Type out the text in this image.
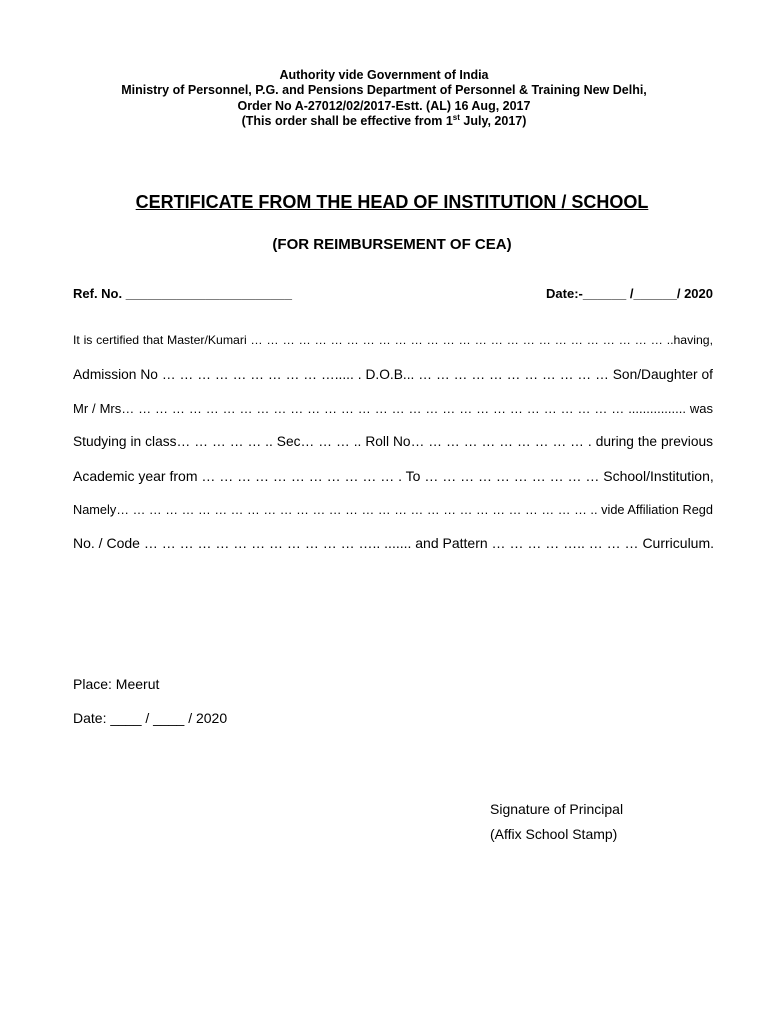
Authority vide Government of India
Ministry of Personnel, P.G. and Pensions Department of Personnel & Training New Delhi,
Order No A-27012/02/2017-Estt. (AL) 16 Aug, 2017
(This order shall be effective from 1st July, 2017)
CERTIFICATE FROM THE HEAD OF INSTITUTION / SCHOOL
(FOR REIMBURSEMENT OF CEA)
Ref. No. _______________________	Date:-______ /______/ 2020
It is certified that Master/Kumari … … … … … … … … … … … … … … … … … … … … … … … … … … ..having,
Admission No … … … … … … … … … …..... . D.O.B... … … … … … … … … … … … Son/Daughter of
Mr / Mrs… … … … … … … … … … … … … … … … … … … … … … … … … … … … … … ................ was
Studying in class… … … … … .. Sec… … … .. Roll No… … … … … … … … … … . during the previous
Academic year from … … … … … … … … … … … . To … … … … … … … … … … School/Institution,
Namely… … … … … … … … … … … … … … … … … … … … … … … … … … … … … .. vide Affiliation Regd
No. / Code … … … … … … … … … … … … ….. ....... and Pattern … … … … ….. … … … Curriculum.
Place: Meerut
Date: ____ / ____ / 2020
Signature of Principal
(Affix School Stamp)
